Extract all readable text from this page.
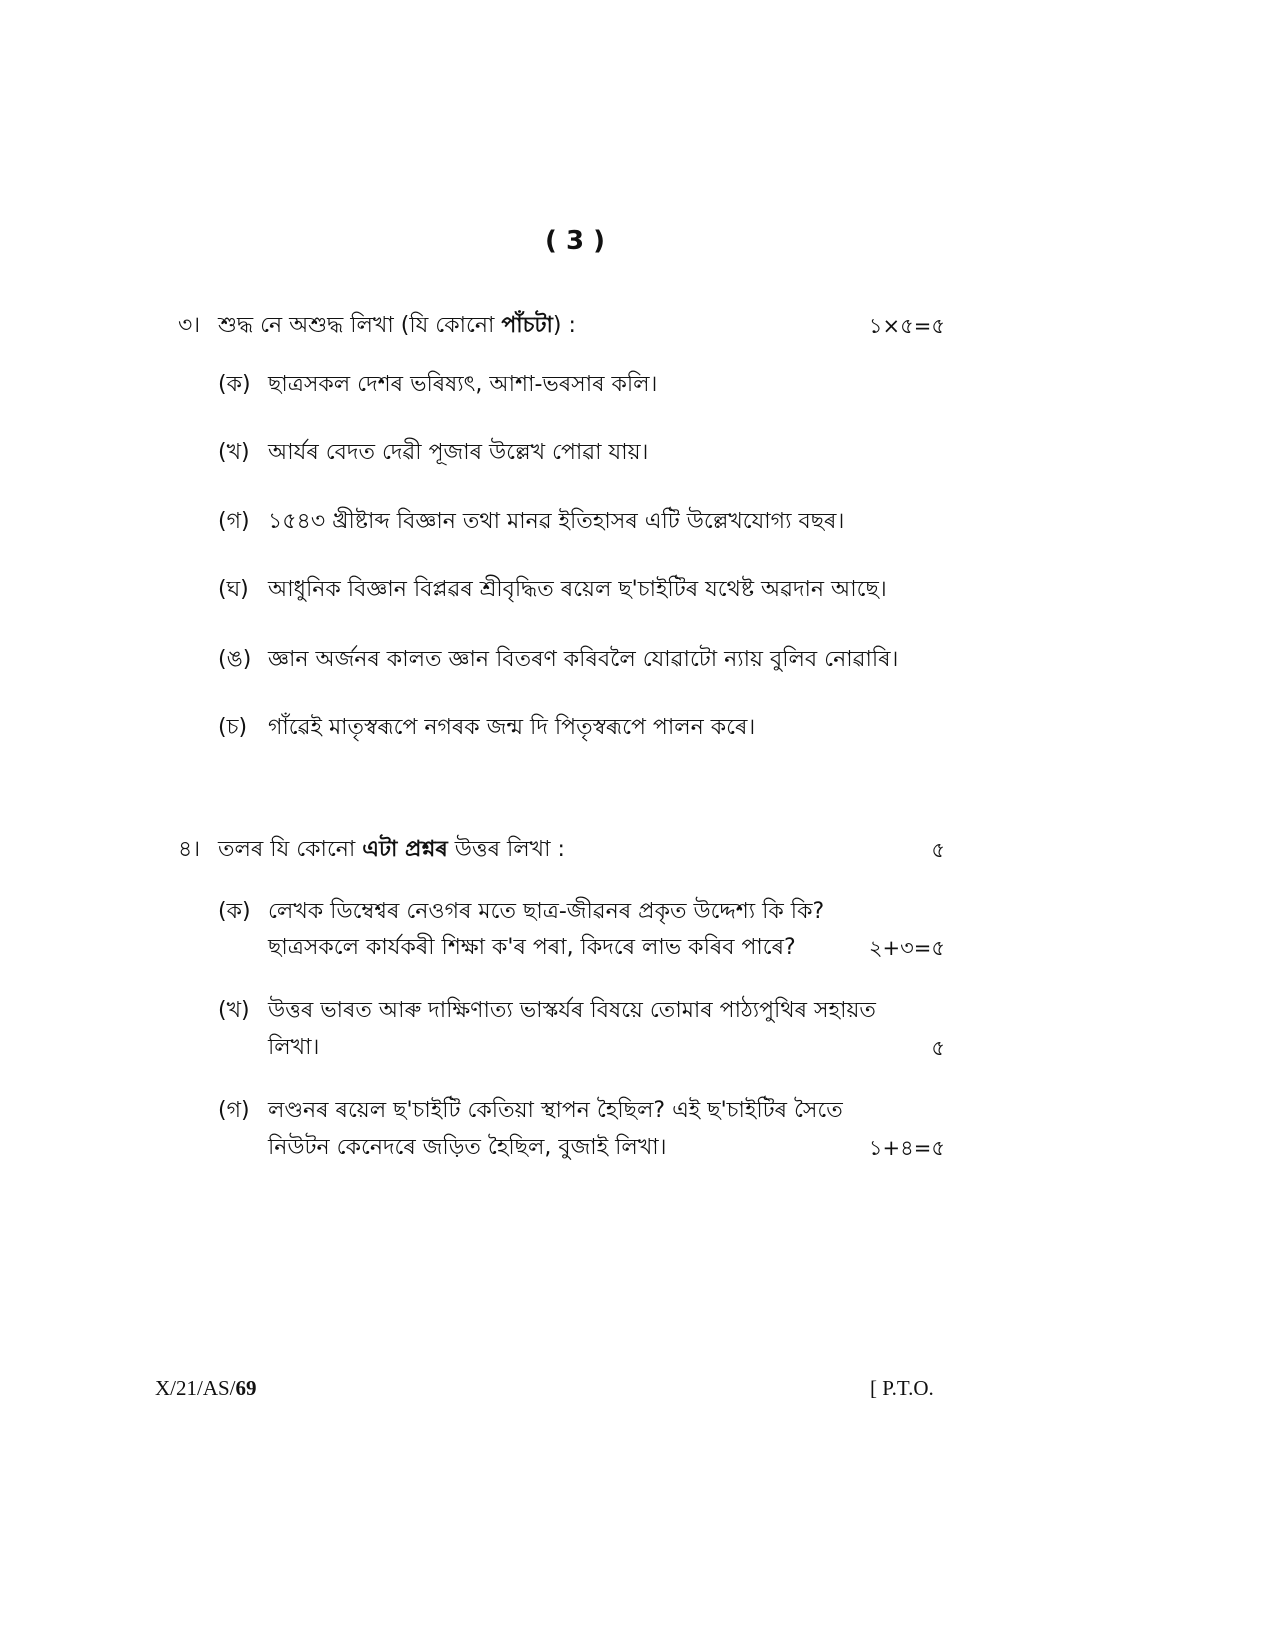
( 3 )
৩। শুদ্ধ নে অশুদ্ধ লিখা (যি কোনো পাঁচটা) :	১×৫=৫
(ক) ছাত্রসকল দেশৰ ভৰিষ্যৎ, আশা-ভৰসাৰ কলি।
(খ) আৰ্যৰ বেদত দেৱী পূজাৰ উল্লেখ পোৱা যায়।
(গ) ১৫৪৩ খ্ৰীষ্টাব্দ বিজ্ঞান তথা মানৱ ইতিহাসৰ এটি উল্লেখযোগ্য বছৰ।
(ঘ) আধুনিক বিজ্ঞান বিপ্লৱৰ শ্ৰীবৃদ্ধিত ৰয়েল ছ'চাইটিৰ যথেষ্ট অৱদান আছে।
(ঙ) জ্ঞান অৰ্জনৰ কালত জ্ঞান বিতৰণ কৰিবলৈ যোৱাটো ন্যায় বুলিব নোৱাৰি।
(চ) গাঁৱেই মাতৃস্বৰূপে নগৰক জন্ম দি পিতৃস্বৰূপে পালন কৰে।
৪। তলৰ যি কোনো এটা প্ৰশ্নৰ উত্তৰ লিখা :	৫
(ক) লেখক ডিম্বেশ্বৰ নেওগৰ মতে ছাত্ৰ-জীৱনৰ প্ৰকৃত উদ্দেশ্য কি কি?
ছাত্ৰসকলে কাৰ্যকৰী শিক্ষা ক'ৰ পৰা, কিদৰে লাভ কৰিব পাৰে?	২+৩=৫
(খ) উত্তৰ ভাৰত আৰু দাক্ষিণাত্য ভাস্কৰ্যৰ বিষয়ে তোমাৰ পাঠ্যপুথিৰ সহায়ত
লিখা।	৫
(গ) লণ্ডনৰ ৰয়েল ছ'চাইটি কেতিয়া স্থাপন হৈছিল? এই ছ'চাইটিৰ সৈতে
নিউটন কেনেদৰে জড়িত হৈছিল, বুজাই লিখা।	১+৪=৫
X/21/AS/69	[ P.T.O.
